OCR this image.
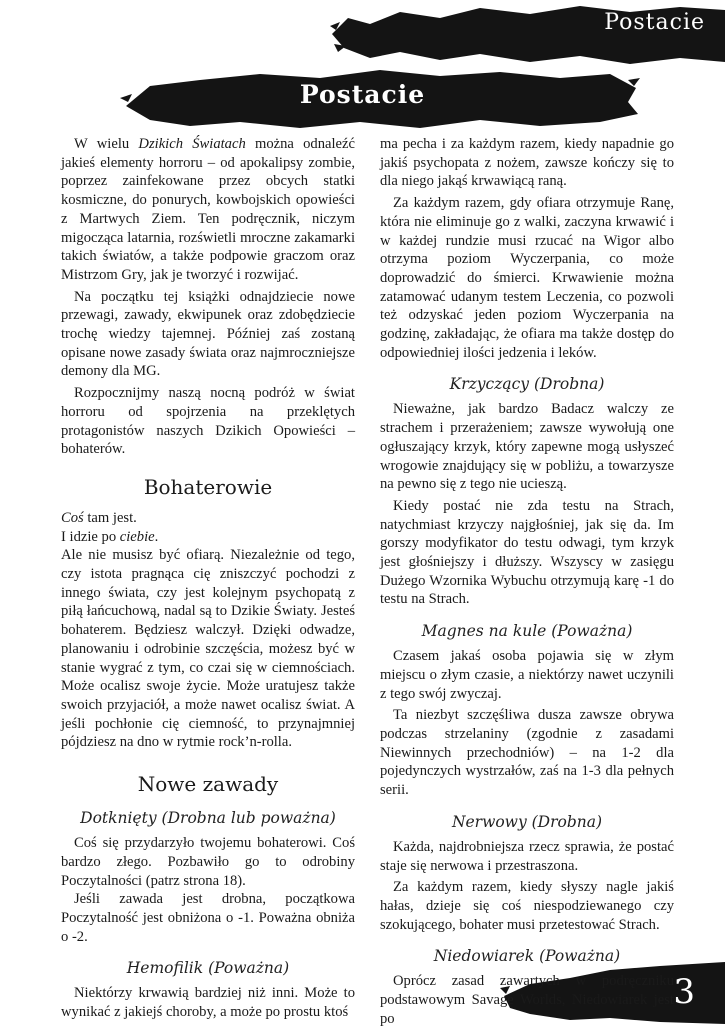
Postacie
Postacie
3

W wielu Dzikich Światach można odnaleźć jakieś elementy horroru – od apokalipsy zombie, poprzez zainfekowane przez obcych statki kosmiczne, do ponurych, kowbojskich opowieści z Martwych Ziem. Ten podręcznik, niczym migocząca latarnia, rozświetli mroczne zakamarki takich światów, a także podpowie graczom oraz Mistrzom Gry, jak je tworzyć i rozwijać.

Na początku tej książki odnajdziecie nowe przewagi, zawady, ekwipunek oraz zdobędziecie trochę wiedzy tajemnej. Później zaś zostaną opisane nowe zasady świata oraz najmroczniejsze demony dla MG.

Rozpocznijmy naszą nocną podróż w świat horroru od spojrzenia na przeklętych protagonistów naszych Dzikich Opowieści – bohaterów.

Bohaterowie

Coś tam jest.

I idzie po ciebie.

Ale nie musisz być ofiarą. Niezależnie od tego, czy istota pragnąca cię zniszczyć pochodzi z innego świata, czy jest kolejnym psychopatą z piłą łańcuchową, nadal są to Dzikie Światy. Jesteś bohaterem. Będziesz walczył. Dzięki odwadze, planowaniu i odrobinie szczęścia, możesz być w stanie wygrać z tym, co czai się w ciemnościach. Może ocalisz swoje życie. Może uratujesz także swoich przyjaciół, a może nawet ocalisz świat. A jeśli pochłonie cię ciemność, to przynajmniej pójdziesz na dno w rytmie rock’n-rolla.

Nowe zawady
Dotknięty (Drobna lub poważna)

Coś się przydarzyło twojemu bohaterowi. Coś bardzo złego. Pozbawiło go to odrobiny Poczytalności (patrz strona 18).

Jeśli zawada jest drobna, początkowa Poczytalność jest obniżona o -1. Poważna obniża o -2.

Hemofilik (Poważna)

Niektórzy krwawią bardziej niż inni. Może to wynikać z jakiejś choroby, a może po prostu ktoś

ma pecha i za każdym razem, kiedy napadnie go jakiś psychopata z nożem, zawsze kończy się to dla niego jakąś krwawiącą raną.

Za każdym razem, gdy ofiara otrzymuje Ranę, która nie eliminuje go z walki, zaczyna krwawić i w każdej rundzie musi rzucać na Wigor albo otrzyma poziom Wyczerpania, co może doprowadzić do śmierci. Krwawienie można zatamować udanym testem Leczenia, co pozwoli też odzyskać jeden poziom Wyczerpania na godzinę, zakładając, że ofiara ma także dostęp do odpowiedniej ilości jedzenia i leków.

Krzyczący (Drobna)

Nieważne, jak bardzo Badacz walczy ze strachem i przerażeniem; zawsze wywołują one ogłuszający krzyk, który zapewne mogą usłyszeć wrogowie znajdujący się w pobliżu, a towarzysze na pewno się z tego nie ucieszą.

Kiedy postać nie zda testu na Strach, natychmiast krzyczy najgłośniej, jak się da. Im gorszy modyfikator do testu odwagi, tym krzyk jest głośniejszy i dłuższy. Wszyscy w zasięgu Dużego Wzornika Wybuchu otrzymują karę -1 do testu na Strach.

Magnes na kule (Poważna)

Czasem jakaś osoba pojawia się w złym miejscu o złym czasie, a niektórzy nawet uczynili z tego swój zwyczaj.

Ta niezbyt szczęśliwa dusza zawsze obrywa podczas strzelaniny (zgodnie z zasadami Niewinnych przechodniów) – na 1-2 dla pojedynczych wystrzałów, zaś na 1-3 dla pełnych serii.

Nerwowy (Drobna)

Każda, najdrobniejsza rzecz sprawia, że postać staje się nerwowa i przestraszona.

Za każdym razem, kiedy słyszy nagle jakiś hałas, dzieje się coś niespodziewanego czy szokującego, bohater musi przetestować Strach.

Niedowiarek (Poważna)

Oprócz zasad zawartych w podręczniku podstawowym Savage Worlds, Niedowiarek jest po
